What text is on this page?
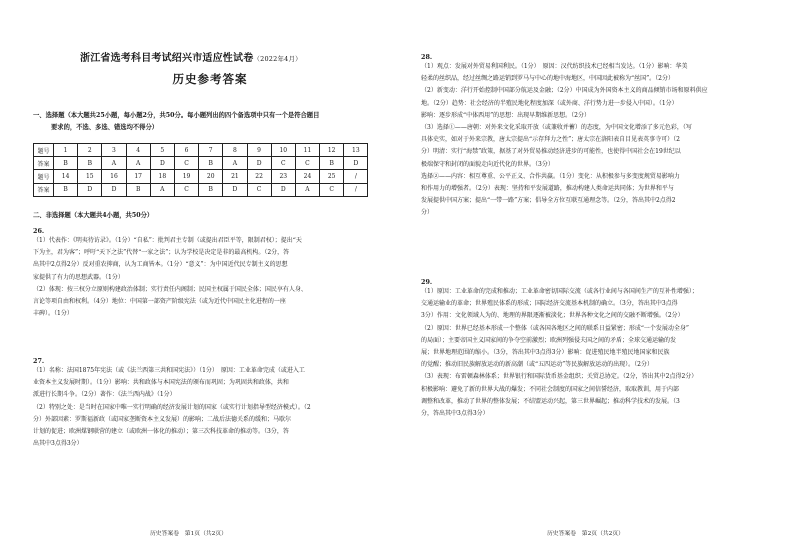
浙江省选考科目考试绍兴市适应性试卷（2022年4月）
历史参考答案
一、选择题（本大题共25小题，每小题2分，共50分。每小题列出的四个备选项中只有一个是符合题目
要求的，不选、多选、错选均不得分）
题号	1	2	3	4	5	6	7	8	9	10	11	12	13
答案	B	B	A	A	D	C	B	A	D	C	C	B	D
题号	14	15	16	17	18	19	20	21	22	23	24	25	/
答案	B	D	D	B	A	C	B	D	C	D	A	C	/
二、非选择题（本大题共4小题，共50分）
26.
（1）代表作：《明夷待访录》。（1分）“自私”：批判君主专制（或提出君臣平等，限制君权）；提出“天
下为主，君为客”；呼吁“天下之法”代替“一家之法”；认为学校是决定是非的最高机构。（2分，答
出其中2点得2分）反对重农抑商，认为工商皆本。（1分）“意义”：为中国近代民专制主义的思想
家提供了有力的思想武器。（1分）
（2）体现：按三权分立原则构建政治体制；实行责任内阁制；民国主权属于国民全体；国民享有人身、
言论等项自由和权利。（4分）地位：中国第一部资产阶级宪法（或为近代中国民主化进程的一座
丰碑）。（1分）
27.
（1）名称：法国1875年宪法（或《法兰西第三共和国宪法》）（1分）　原因：工业革命完成（或进入工
业资本主义发展时期）。（1分）影响：共和政体与本国宪法的颁布而巩固；为巩固共和政体，共和
派进行长期斗争。（2分）著作：《法兰西内战》（1分）
（2）特别之处：是当时在国家中唯一实行明确的经济发展计划的国家（或实行计划指导型经济模式）。（2
分）外部因素：罗斯福新政（或国家垄断资本主义发展）的影响；二战后法德关系的缓和；马歇尔
计划的促进；欧洲煤钢联营的建立（或欧洲一体化的推动）；第三次科技革命的推动等。（3分，答
出其中3点得3分）
历史答案卷　第1页（共2页）
28.
（1）观点：发展对外贸易利国利民。（1分）　原因：汉代纺织技术已经相当发达。（1分）影响：华美
轻柔的丝织品，经过丝绸之路运销到罗马与中心的地中海地区，中国因此被称为“丝国”。（2分）
（2）新变动：洋行开始控制中国部分航运及金融；（2分）中国成为外国资本主义的商品倾销市场和原料供应
地。（2分）趋势：社会经济的半殖民地化程度加深（或外商、洋行势力进一步侵入中国）。（1分）
影响：逐步形成“中体西用”的思想：出现早期维新思想。（2分）
（3）选择①——唐朝：对外来文化采取开放（或兼收并蓄）的态度，为中国文化增添了多元色彩，（写
具体史实，如对于外来宗教，唐太宗提出“示存拜力之性”；唐太宗在洛阳表自目见表英事寺可）（2
分）明清：实行“海禁”政策，据基了对外贸易推动经济进步的可能性，也使得中国社会在19世纪以
极端保守和封闭的面貌走向近代化的世界。（3分）
选择②——内容：相互尊重、公平正义、合作共赢。（1分）变化：从积极参与多变度规贸易影响力
和作用力的增强者。（2分）表现：坚持和平发展道路，推动构建人类命运共同体；为世界和平与
发展提供中国方案；提出“一带一路”方案；倡导全方位互联互通理念等。（2分，答出其中2点得2
分）
29.
（1）原因：工业革命的完成和推动；工业革命密切国际交流（或各行业间与各国间生产的互补性增强）；
交通运输业的革命；世界殖民体系的形成；国际经济交流基本机制的确立。（3分，答出其中3点得
3分）作用：文化领域人为的、地理的界限逐渐被淡化；世界各种文化之间的交融不断增强。（2分）
（2）原因：世界已经基本形成一个整体（或各国各地区之间的联系日益紧密；形成“一个发展动全身”
的局面）；主要帝国主义国家间的争夺空前激烈；欧洲列强侵夫国之间的矛盾；全球交通运输的发
展；世界地理范围的缩小。（3分，答出其中3点得3分）影响：促进殖民地半殖民地国家和民族
的觉醒；推动旧民族解放运动的新高潮（或“五四运动”等民族解放运动的出现）。（2分）
（3）表现：布雷顿森林体系；世界银行和国际货币基金组织；关贸总协定。（2分，答出其中2点得2分）
积极影响：避免了新的世界大战的爆发；不同社会制度的国家之间信誓经济，取取教训，用于内部
调整和改革，推动了世界的整体发展；不结盟运动兴起，第三世界崛起；推动科学技术的发展。（3
分，答出其中3点得3分）
历史答案卷　第2页（共2页）
